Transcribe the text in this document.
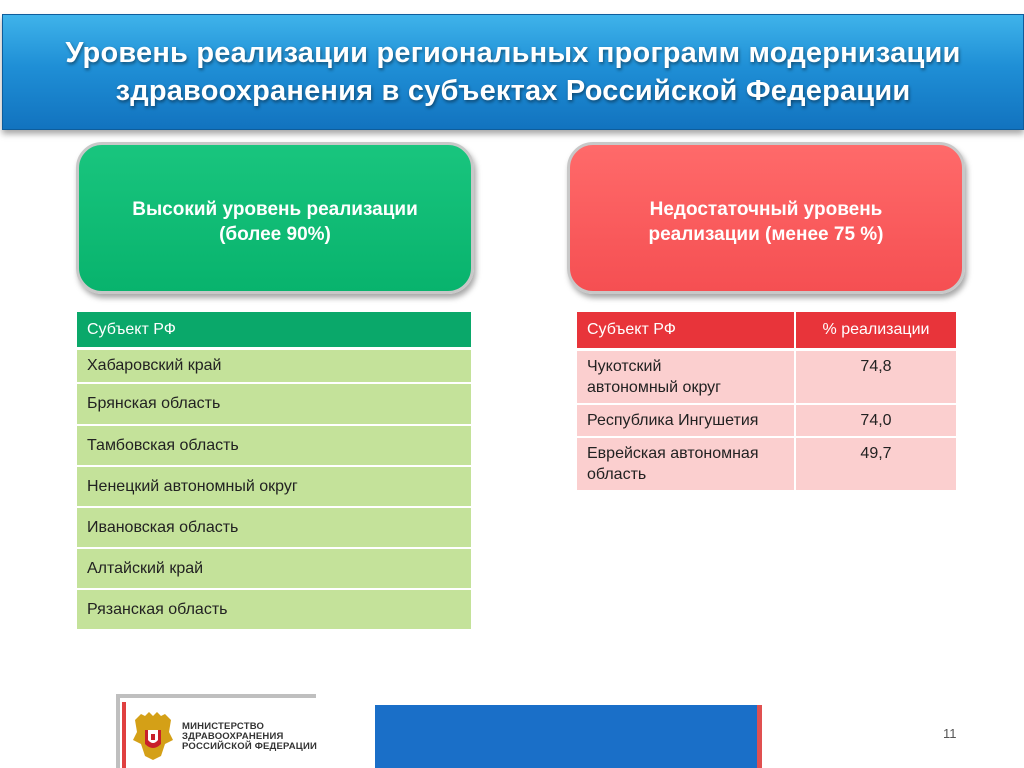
Уровень реализации региональных программ модернизации
здравоохранения в субъектах Российской Федерации
Высокий уровень реализации
(более 90%)
Недостаточный уровень
реализации (менее 75 %)
Субъект РФ
Хабаровский край
Брянская область
Тамбовская область
Ненецкий автономный округ
Ивановская область
Алтайский край
Рязанская область
Субъект РФ	% реализации

Чукотский
автономный округ	74,8

Республика Ингушетия	74,0

Еврейская автономная
область	49,7
МИНИСТЕРСТВО
ЗДРАВООХРАНЕНИЯ
РОССИЙСКОЙ ФЕДЕРАЦИИ
11
